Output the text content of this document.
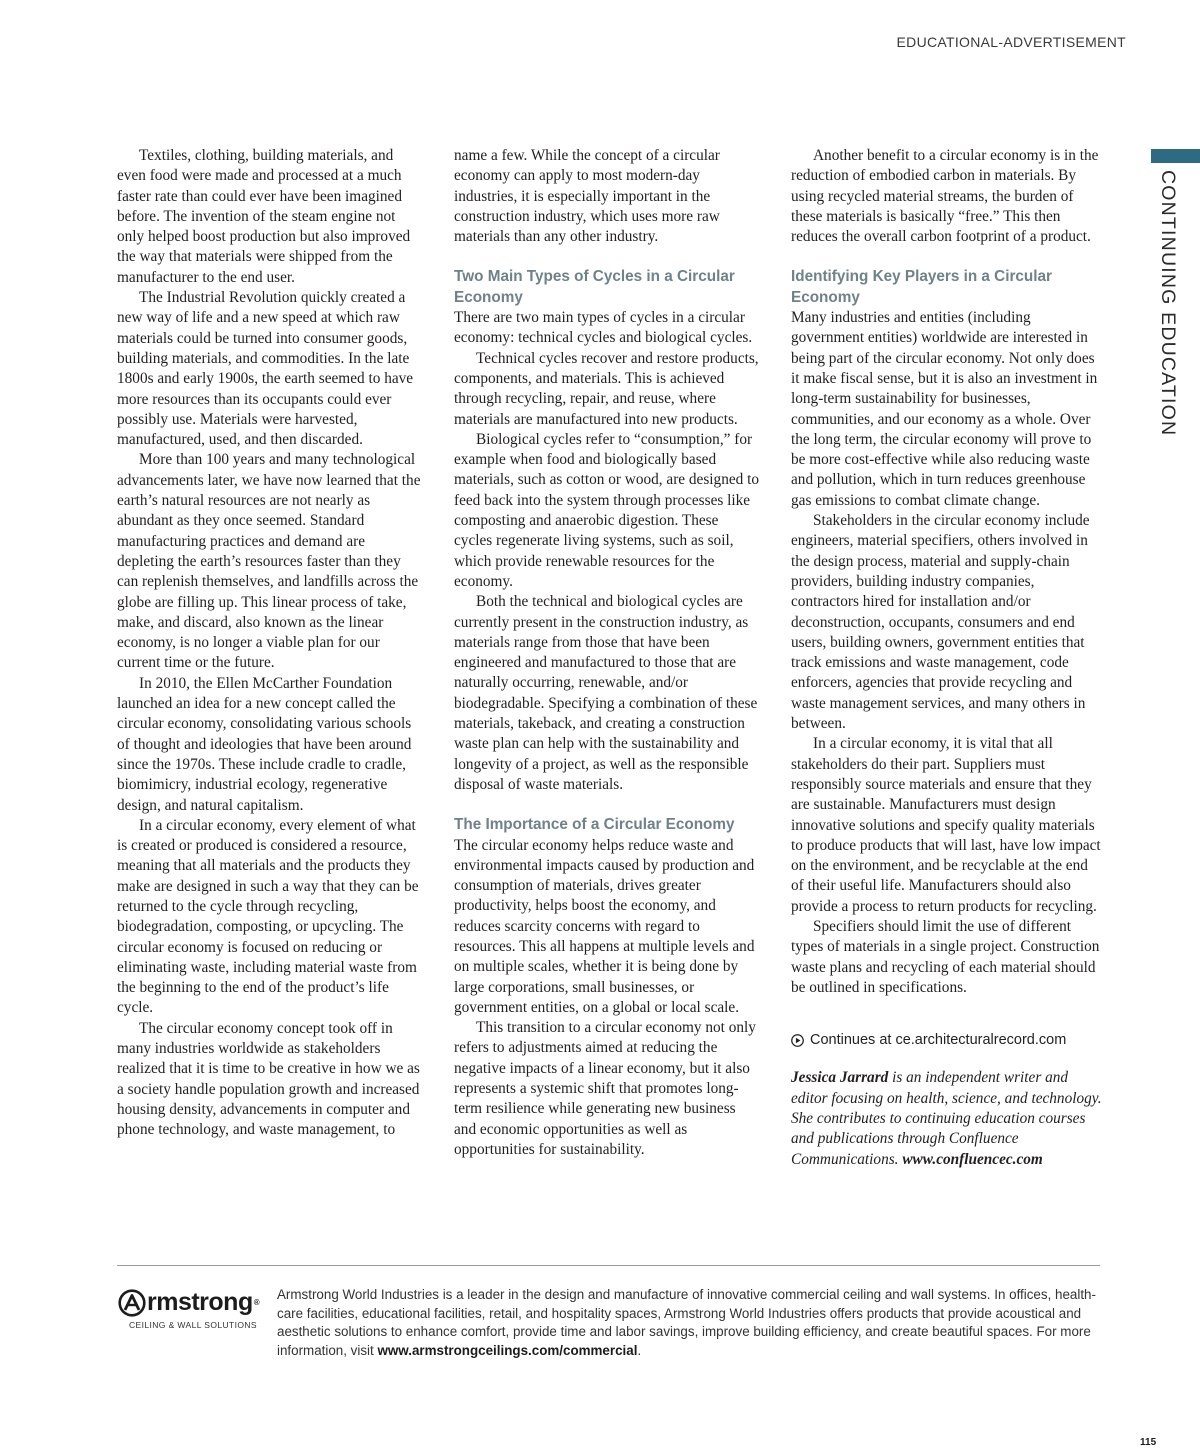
EDUCATIONAL-ADVERTISEMENT
CONTINUING EDUCATION

Textiles, clothing, building materials, and even food were made and processed at a much faster rate than could ever have been imagined before. The invention of the steam engine not only helped boost production but also improved the way that materials were shipped from the manufacturer to the end user.

The Industrial Revolution quickly created a new way of life and a new speed at which raw materials could be turned into consumer goods, building materials, and commodities. In the late 1800s and early 1900s, the earth seemed to have more resources than its occupants could ever possibly use. Materials were harvested, manufactured, used, and then discarded.

More than 100 years and many technological advancements later, we have now learned that the earth’s natural resources are not nearly as abundant as they once seemed. Standard manufacturing practices and demand are depleting the earth’s resources faster than they can replenish themselves, and landfills across the globe are filling up. This linear process of take, make, and discard, also known as the linear economy, is no longer a viable plan for our current time or the future.

In 2010, the Ellen McCarther Foundation launched an idea for a new concept called the circular economy, consolidating various schools of thought and ideologies that have been around since the 1970s. These include cradle to cradle, biomimicry, industrial ecology, regenerative design, and natural capitalism.

In a circular economy, every element of what is created or produced is considered a resource, meaning that all materials and the products they make are designed in such a way that they can be returned to the cycle through recycling, biodegradation, composting, or upcycling. The circular economy is focused on reducing or eliminating waste, including material waste from the beginning to the end of the product’s life cycle.

The circular economy concept took off in many industries worldwide as stakeholders realized that it is time to be creative in how we as a society handle population growth and increased housing density, advancements in computer and phone technology, and waste management, to

name a few. While the concept of a circular economy can apply to most modern-day industries, it is especially important in the construction industry, which uses more raw materials than any other industry.

Two Main Types of Cycles in a Circular Economy

There are two main types of cycles in a circular economy: technical cycles and biological cycles.

Technical cycles recover and restore products, components, and materials. This is achieved through recycling, repair, and reuse, where materials are manufactured into new products.

Biological cycles refer to “consumption,” for example when food and biologically based materials, such as cotton or wood, are designed to feed back into the system through processes like composting and anaerobic digestion. These cycles regenerate living systems, such as soil, which provide renewable resources for the economy.

Both the technical and biological cycles are currently present in the construction industry, as materials range from those that have been engineered and manufactured to those that are naturally occurring, renewable, and/or biodegradable. Specifying a combination of these materials, takeback, and creating a construction waste plan can help with the sustainability and longevity of a project, as well as the responsible disposal of waste materials.

The Importance of a Circular Economy

The circular economy helps reduce waste and environmental impacts caused by production and consumption of materials, drives greater productivity, helps boost the economy, and reduces scarcity concerns with regard to resources. This all happens at multiple levels and on multiple scales, whether it is being done by large corporations, small businesses, or government entities, on a global or local scale.

This transition to a circular economy not only refers to adjustments aimed at reducing the negative impacts of a linear economy, but it also represents a systemic shift that promotes long-term resilience while generating new business and economic opportunities as well as opportunities for sustainability.

Another benefit to a circular economy is in the reduction of embodied carbon in materials. By using recycled material streams, the burden of these materials is basically “free.” This then reduces the overall carbon footprint of a product.

Identifying Key Players in a Circular Economy

Many industries and entities (including government entities) worldwide are interested in being part of the circular economy. Not only does it make fiscal sense, but it is also an investment in long-term sustainability for businesses, communities, and our economy as a whole. Over the long term, the circular economy will prove to be more cost-effective while also reducing waste and pollution, which in turn reduces greenhouse gas emissions to combat climate change.

Stakeholders in the circular economy include engineers, material specifiers, others involved in the design process, material and supply-chain providers, building industry companies, contractors hired for installation and/or deconstruction, occupants, consumers and end users, building owners, government entities that track emissions and waste management, code enforcers, agencies that provide recycling and waste management services, and many others in between.

In a circular economy, it is vital that all stakeholders do their part. Suppliers must responsibly source materials and ensure that they are sustainable. Manufacturers must design innovative solutions and specify quality materials to produce products that will last, have low impact on the environment, and be recyclable at the end of their useful life. Manufacturers should also provide a process to return products for recycling.

Specifiers should limit the use of different types of materials in a single project. Construction waste plans and recycling of each material should be outlined in specifications.

Continues at ce.architecturalrecord.com
Jessica Jarrard is an independent writer and editor focusing on health, science, and technology. She contributes to continuing education courses and publications through Confluence Communications. www.confluencec.com
rmstrong ®
CEILING & WALL SOLUTIONS
Armstrong World Industries is a leader in the design and manufacture of innovative commercial ceiling and wall systems. In offices, health-care facilities, educational facilities, retail, and hospitality spaces, Armstrong World Industries offers products that provide acoustical and aesthetic solutions to enhance comfort, provide time and labor savings, improve building efficiency, and create beautiful spaces. For more information, visit www.armstrongceilings.com/commercial.
115
